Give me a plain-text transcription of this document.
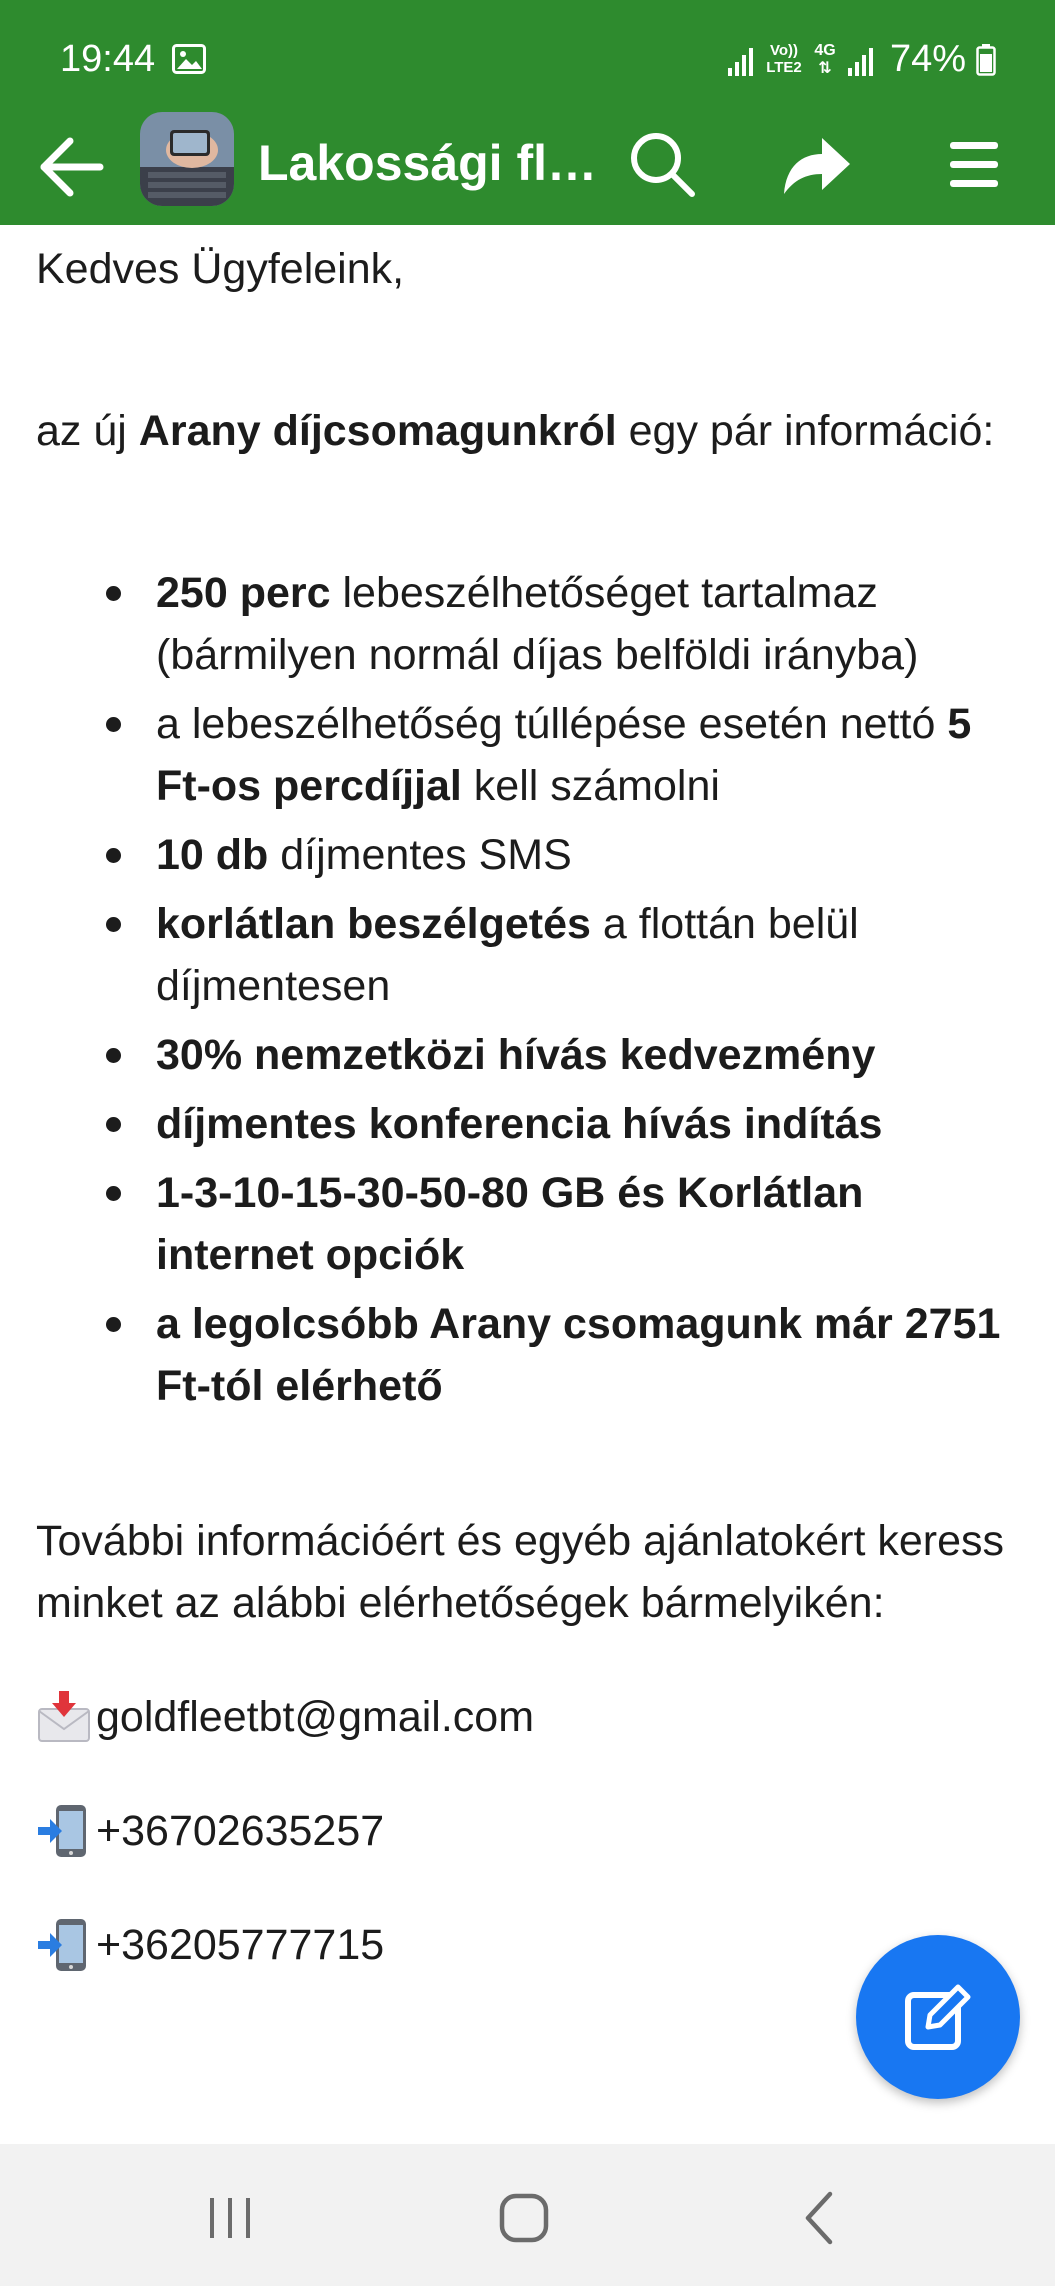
19:44	Vo))
LTE2
4G
⇅ 74%
Lakossági fl…

Kedves Ügyfeleink,

az új Arany díjcsomagunkról egy pár információ:

250 perc lebeszélhetőséget tartalmaz (bármilyen normál díjas belföldi irányba)
a lebeszélhetőség túllépése esetén nettó 5 Ft-os percdíjjal kell számolni
10 db díjmentes SMS
korlátlan beszélgetés a flottán belül díjmentesen
30% nemzetközi hívás kedvezmény
díjmentes konferencia hívás indítás
1-3-10-15-30-50-80 GB és Korlátlan internet opciók
a legolcsóbb Arany csomagunk már 2751 Ft-tól elérhető

További információért és egyéb ajánlatokért keress minket az alábbi elérhetőségek bármelyikén:

goldfleetbt@gmail.com
+36702635257
+36205777715
